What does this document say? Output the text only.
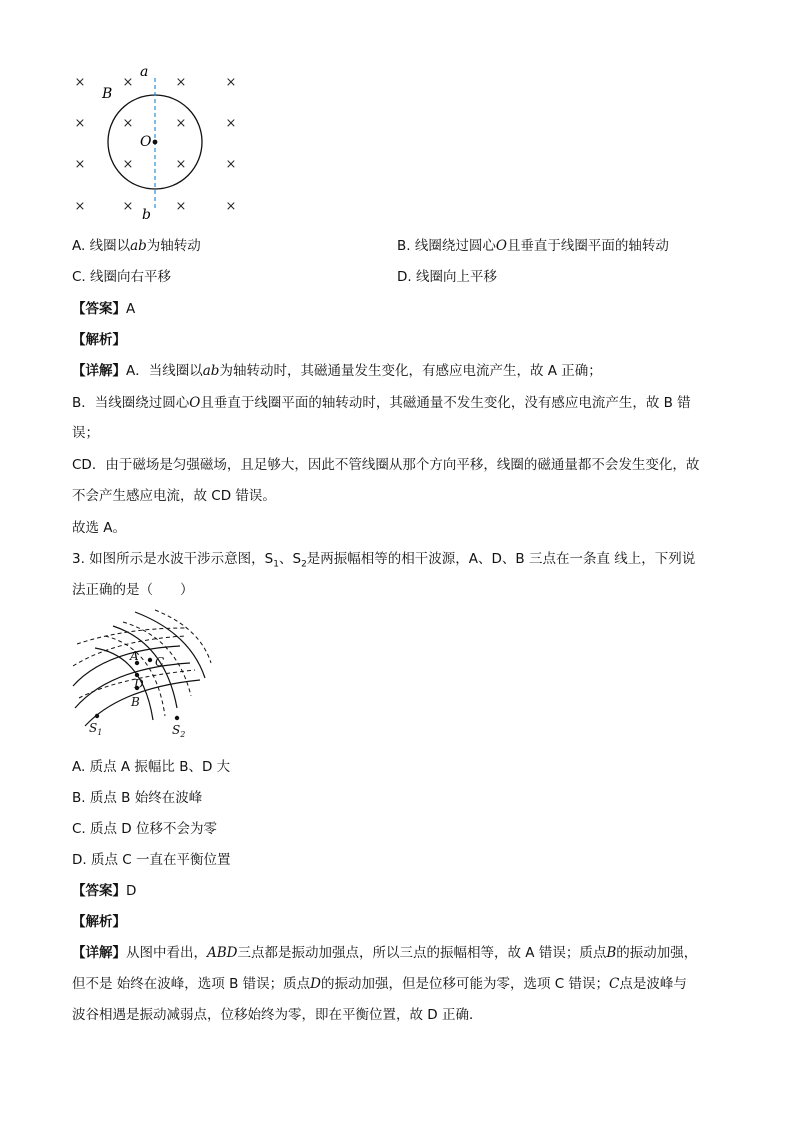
×	×	×	×
×	×	×	×
×	×	×	×
×	×	×	×
a
b
B
O
A. 线圈以ab为轴转动	B. 线圈绕过圆心O且垂直于线圈平面的轴转动
C. 线圈向右平移	D. 线圈向上平移
【答案】A
【解析】
【详解】A．当线圈以ab为轴转动时，其磁通量发生变化，有感应电流产生，故 A 正确；
B．当线圈绕过圆心O且垂直于线圈平面的轴转动时，其磁通量不发生变化，没有感应电流产生，故 B 错
误；
CD．由于磁场是匀强磁场，且足够大，因此不管线圈从那个方向平移，线圈的磁通量都不会发生变化，故
不会产生感应电流，故 CD 错误。
故选 A。
3. 如图所示是水波干涉示意图，$S_1$、$S_2$是两振幅相等的相干波源，A、D、B 三点在一条直 线上，下列说
法正确的是（　　）
A C
D
B
$S_1$	$S_2$
A. 质点 A 振幅比 B、D 大
B. 质点 B 始终在波峰
C. 质点 D 位移不会为零
D. 质点 C 一直在平衡位置
【答案】D
【解析】
【详解】从图中看出，ABD三点都是振动加强点，所以三点的振幅相等，故 A 错误；质点B的振动加强，
但不是 始终在波峰，选项 B 错误；质点D的振动加强，但是位移可能为零，选项 C 错误；C点是波峰与
波谷相遇是振动减弱点，位移始终为零，即在平衡位置，故 D 正确．
